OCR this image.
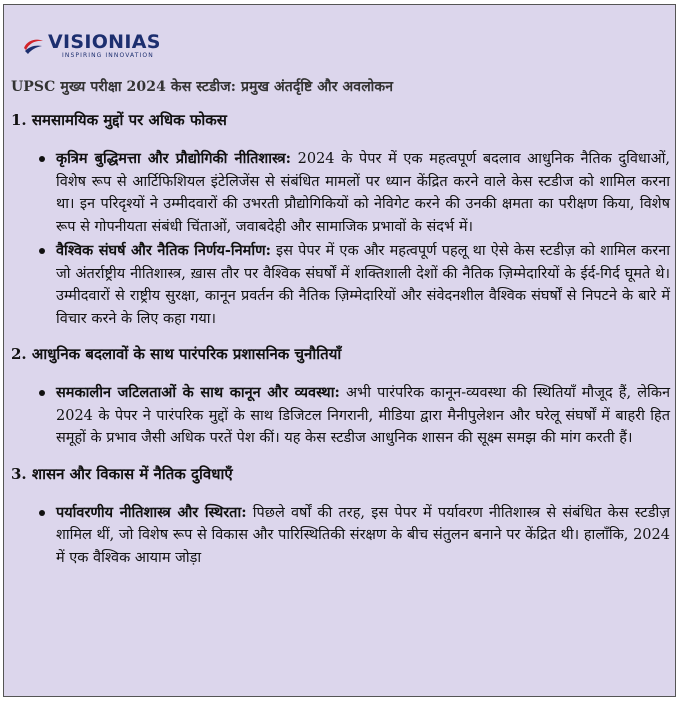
VISIONIAS
INSPIRING INNOVATION
UPSC मुख्य परीक्षा 2024 केस स्टडीज: प्रमुख अंतर्दृष्टि और अवलोकन
1. समसामयिक मुद्दों पर अधिक फोकस
कृत्रिम बुद्धिमत्ता और प्रौद्योगिकी नीतिशास्त्र: 2024 के पेपर में एक महत्वपूर्ण बदलाव आधुनिक नैतिक दुविधाओं, विशेष रूप से आर्टिफिशियल इंटेलिजेंस से संबंधित मामलों पर ध्यान केंद्रित करने वाले केस स्टडीज को शामिल करना था। इन परिदृश्यों ने उम्मीदवारों की उभरती प्रौद्योगिकियों को नेविगेट करने की उनकी क्षमता का परीक्षण किया, विशेष रूप से गोपनीयता संबंधी चिंताओं, जवाबदेही और सामाजिक प्रभावों के संदर्भ में।
वैश्विक संघर्ष और नैतिक निर्णय-निर्माण: इस पेपर में एक और महत्वपूर्ण पहलू था ऐसे केस स्टडीज़ को शामिल करना जो अंतर्राष्ट्रीय नीतिशास्त्र, ख़ास तौर पर वैश्विक संघर्षों में शक्तिशाली देशों की नैतिक ज़िम्मेदारियों के ईर्द-गिर्द घूमते थे। उम्मीदवारों से राष्ट्रीय सुरक्षा, कानून प्रवर्तन की नैतिक ज़िम्मेदारियों और संवेदनशील वैश्विक संघर्षों से निपटने के बारे में विचार करने के लिए कहा गया।
2. आधुनिक बदलावों के साथ पारंपरिक प्रशासनिक चुनौतियाँ
समकालीन जटिलताओं के साथ कानून और व्यवस्था: अभी पारंपरिक कानून-व्यवस्था की स्थितियाँ मौजूद हैं, लेकिन 2024 के पेपर ने पारंपरिक मुद्दों के साथ डिजिटल निगरानी, मीडिया द्वारा मैनीपुलेशन और घरेलू संघर्षों में बाहरी हित समूहों के प्रभाव जैसी अधिक परतें पेश कीं। यह केस स्टडीज आधुनिक शासन की सूक्ष्म समझ की मांग करती हैं।
3. शासन और विकास में नैतिक दुविधाएँ
पर्यावरणीय नीतिशास्त्र और स्थिरता: पिछले वर्षों की तरह, इस पेपर में पर्यावरण नीतिशास्त्र से संबंधित केस स्टडीज़ शामिल थीं, जो विशेष रूप से विकास और पारिस्थितिकी संरक्षण के बीच संतुलन बनाने पर केंद्रित थी। हालाँकि, 2024 में एक वैश्विक आयाम जोड़ा
